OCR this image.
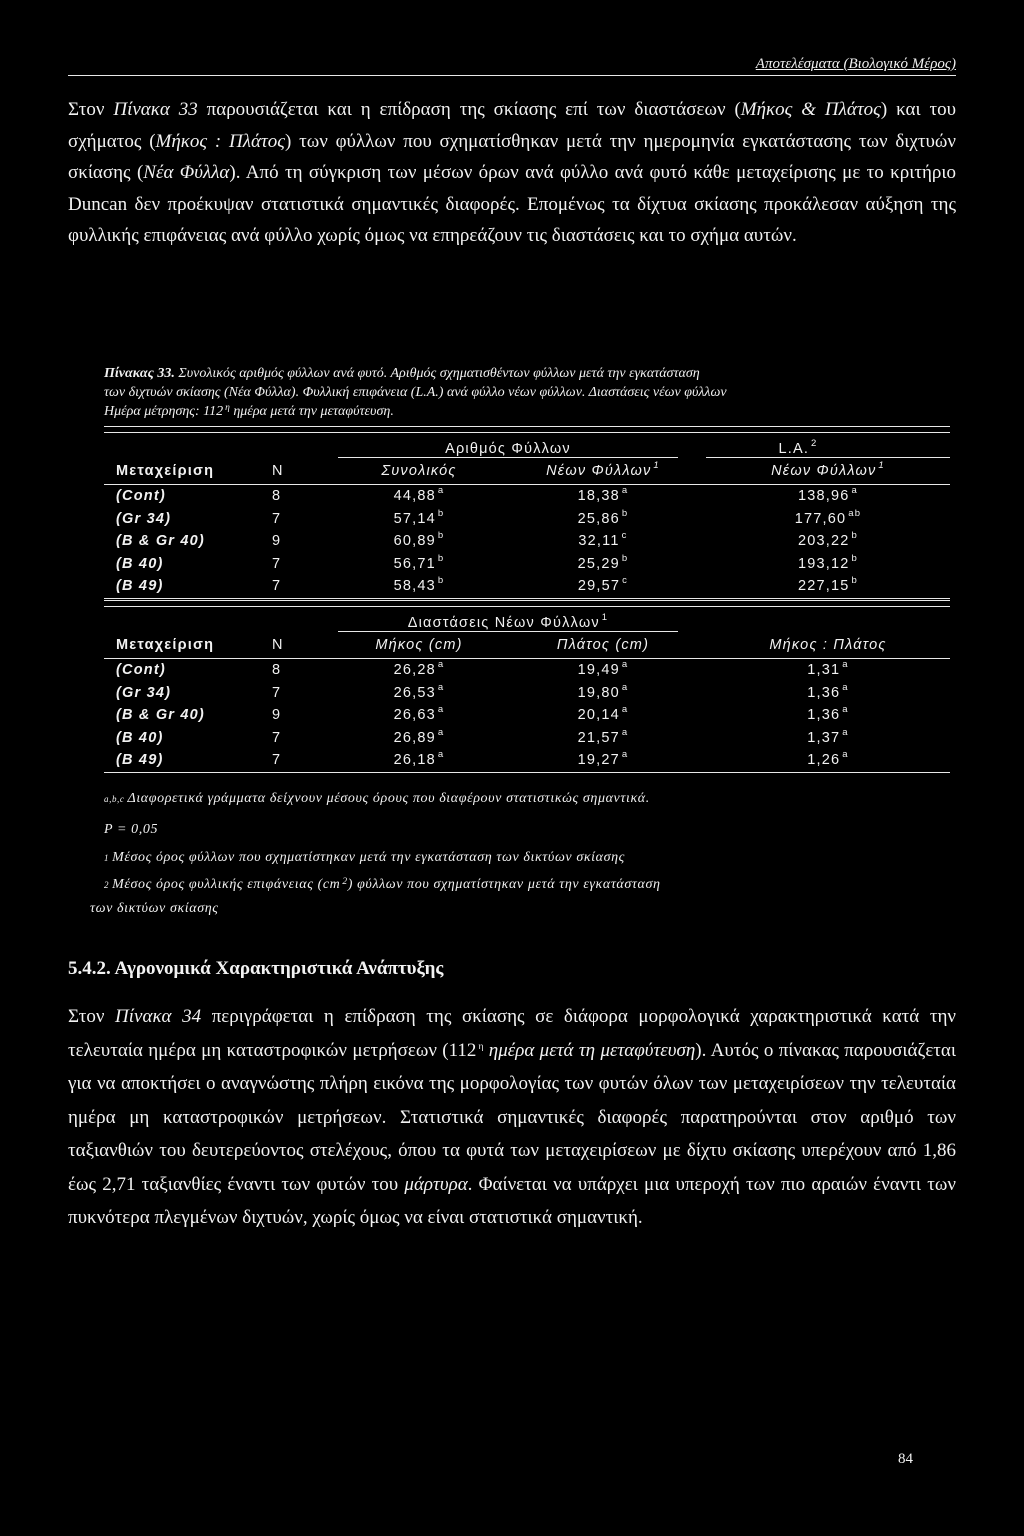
Αποτελέσματα (Βιολογικό Μέρος)

Στον Πίνακα 33 παρουσιάζεται και η επίδραση της σκίασης επί των διαστάσεων (Μήκος & Πλάτος) και του σχήματος (Μήκος : Πλάτος) των φύλλων που σχηματίσθηκαν μετά την ημερομηνία εγκατάστασης των διχτυών σκίασης (Νέα Φύλλα). Από τη σύγκριση των μέσων όρων ανά φύλλο ανά φυτό κάθε μεταχείρισης με το κριτήριο Duncan δεν προέκυψαν στατιστικά σημαντικές διαφορές. Επομένως τα δίχτυα σκίασης προκάλεσαν αύξηση της φυλλικής επιφάνειας ανά φύλλο χωρίς όμως να επηρεάζουν τις διαστάσεις και το σχήμα αυτών.

Πίνακας 33. Συνολικός αριθμός φύλλων ανά φυτό. Αριθμός σχηματισθέντων φύλλων μετά την εγκατάσταση

των διχτυών σκίασης (Νέα Φύλλα). Φυλλική επιφάνεια (L.A.) ανά φύλλο νέων φύλλων. Διαστάσεις νέων φύλλων

Ημέρα μέτρησης: 112 $^\eta$ ημέρα μετά την μεταφύτευση.

		Αριθμός Φύλλων				L.A. $^2$
Μεταχείριση	N	Συνολικός		Νέων Φύλλων $^1$		Νέων Φύλλων $^1$
(Cont)	8	44,88 $^a$		18,38 $^a$		138,96 $^a$
(Gr 34)	7	57,14 $^b$		25,86 $^b$		177,60 $^{ab}$
(B & Gr 40)	9	60,89 $^b$		32,11 $^c$		203,22 $^b$
(B 40)	7	56,71 $^b$		25,29 $^b$		193,12 $^b$
(B 49)	7	58,43 $^b$		29,57 $^c$		227,15 $^b$

		Διαστάσεις Νέων Φύλλων $^1$		
Μεταχείριση	N	Μήκος (cm)		Πλάτος (cm)		Μήκος : Πλάτος
(Cont)	8	26,28 $^a$		19,49 $^a$		1,31 $^a$
(Gr 34)	7	26,53 $^a$		19,80 $^a$		1,36 $^a$
(B & Gr 40)	9	26,63 $^a$		20,14 $^a$		1,36 $^a$
(B 40)	7	26,89 $^a$		21,57 $^a$		1,37 $^a$
(B 49)	7	26,18 $^a$		19,27 $^a$		1,26 $^a$

$^{a,b,c}$ Διαφορετικά γράμματα δείχνουν μέσους όρους που διαφέρουν στατιστικώς σημαντικά.

P = 0,05

$^1$ Μέσος όρος φύλλων που σχηματίστηκαν μετά την εγκατάσταση των δικτύων σκίασης

$^2$ Μέσος όρος φυλλικής επιφάνειας (cm $^2$) φύλλων που σχηματίστηκαν μετά την εγκατάσταση

των δικτύων σκίασης

5.4.2. Αγρονομικά Χαρακτηριστικά Ανάπτυξης

Στον Πίνακα 34 περιγράφεται η επίδραση της σκίασης σε διάφορα μορφολογικά χαρακτηριστικά κατά την τελευταία ημέρα μη καταστροφικών μετρήσεων (112 $^\eta$ ημέρα μετά τη μεταφύτευση). Αυτός ο πίνακας παρουσιάζεται για να αποκτήσει ο αναγνώστης πλήρη εικόνα της μορφολογίας των φυτών όλων των μεταχειρίσεων την τελευταία ημέρα μη καταστροφικών μετρήσεων. Στατιστικά σημαντικές διαφορές παρατηρούνται στον αριθμό των ταξιανθιών του δευτερεύοντος στελέχους, όπου τα φυτά των μεταχειρίσεων με δίχτυ σκίασης υπερέχουν από 1,86 έως 2,71 ταξιανθίες έναντι των φυτών του μάρτυρα. Φαίνεται να υπάρχει μια υπεροχή των πιο αραιών έναντι των πυκνότερα πλεγμένων διχτυών, χωρίς όμως να είναι στατιστικά σημαντική.

84
